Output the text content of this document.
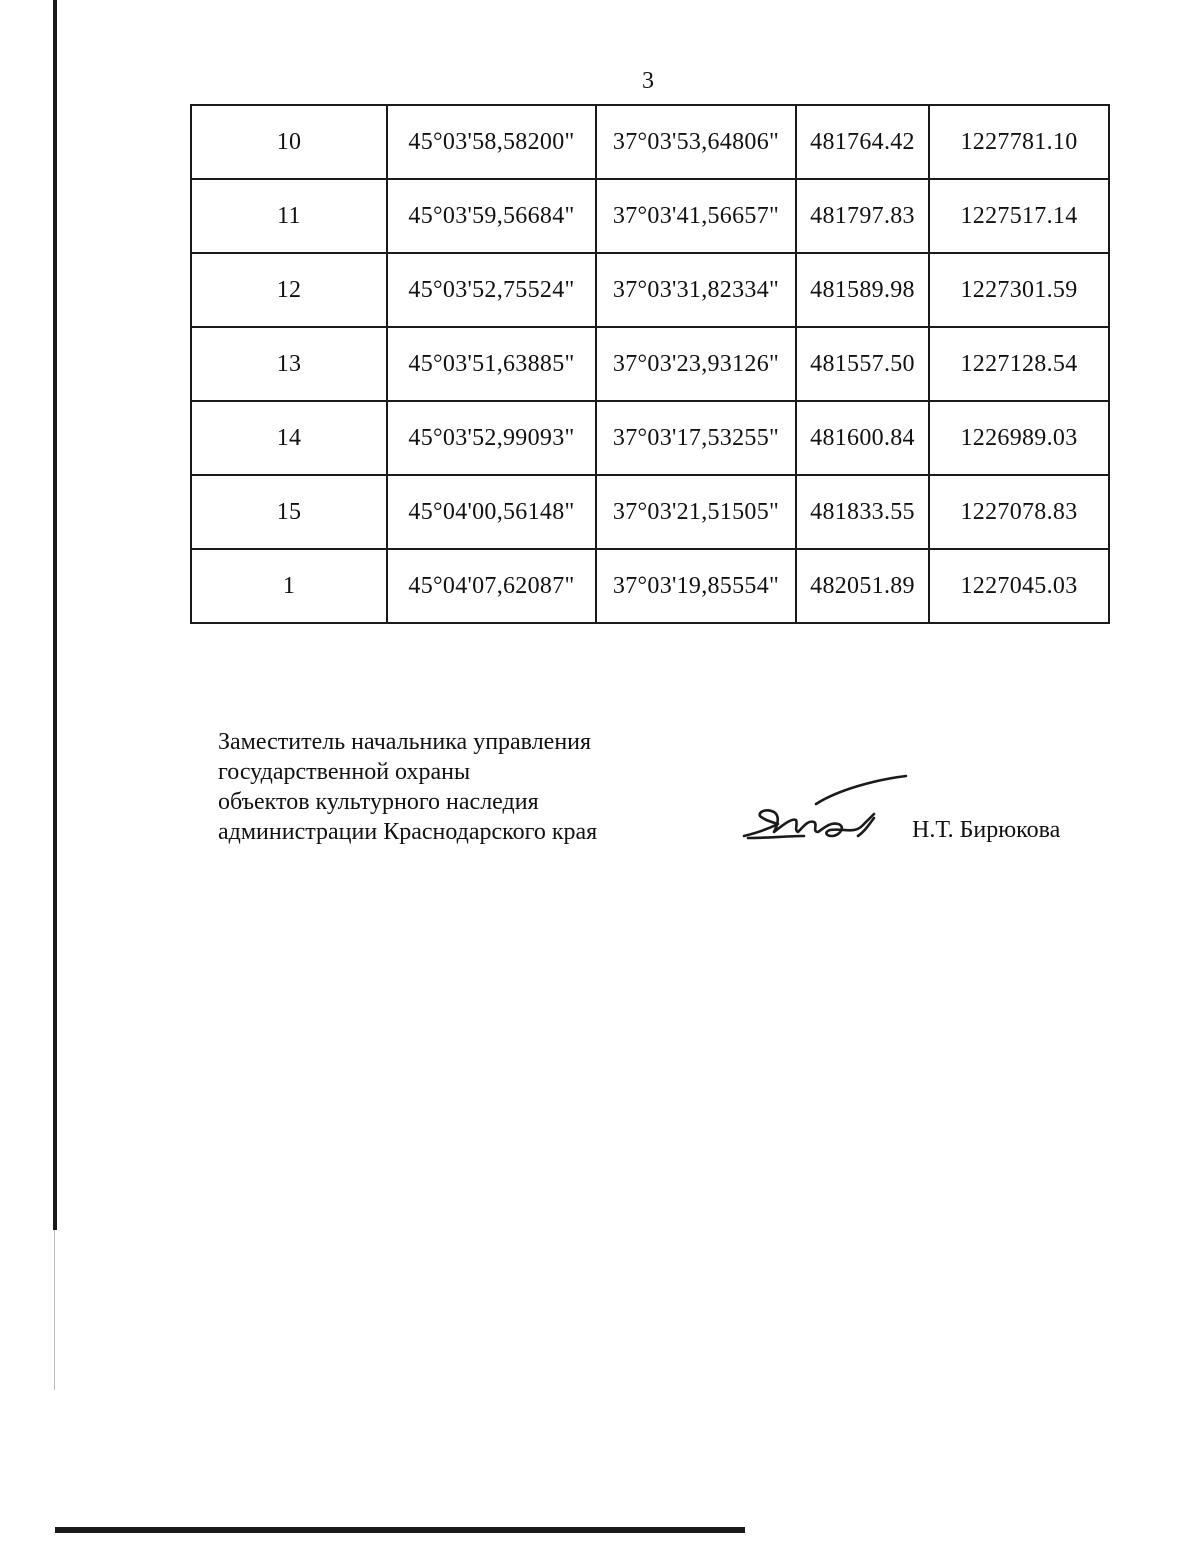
3
10	45°03'58,58200"	37°03'53,64806"	481764.42	1227781.10
11	45°03'59,56684"	37°03'41,56657"	481797.83	1227517.14
12	45°03'52,75524"	37°03'31,82334"	481589.98	1227301.59
13	45°03'51,63885"	37°03'23,93126"	481557.50	1227128.54
14	45°03'52,99093"	37°03'17,53255"	481600.84	1226989.03
15	45°04'00,56148"	37°03'21,51505"	481833.55	1227078.83
1	45°04'07,62087"	37°03'19,85554"	482051.89	1227045.03
Заместитель начальника управления
государственной охраны
объектов культурного наследия
администрации Краснодарского края	Н.Т. Бирюкова
